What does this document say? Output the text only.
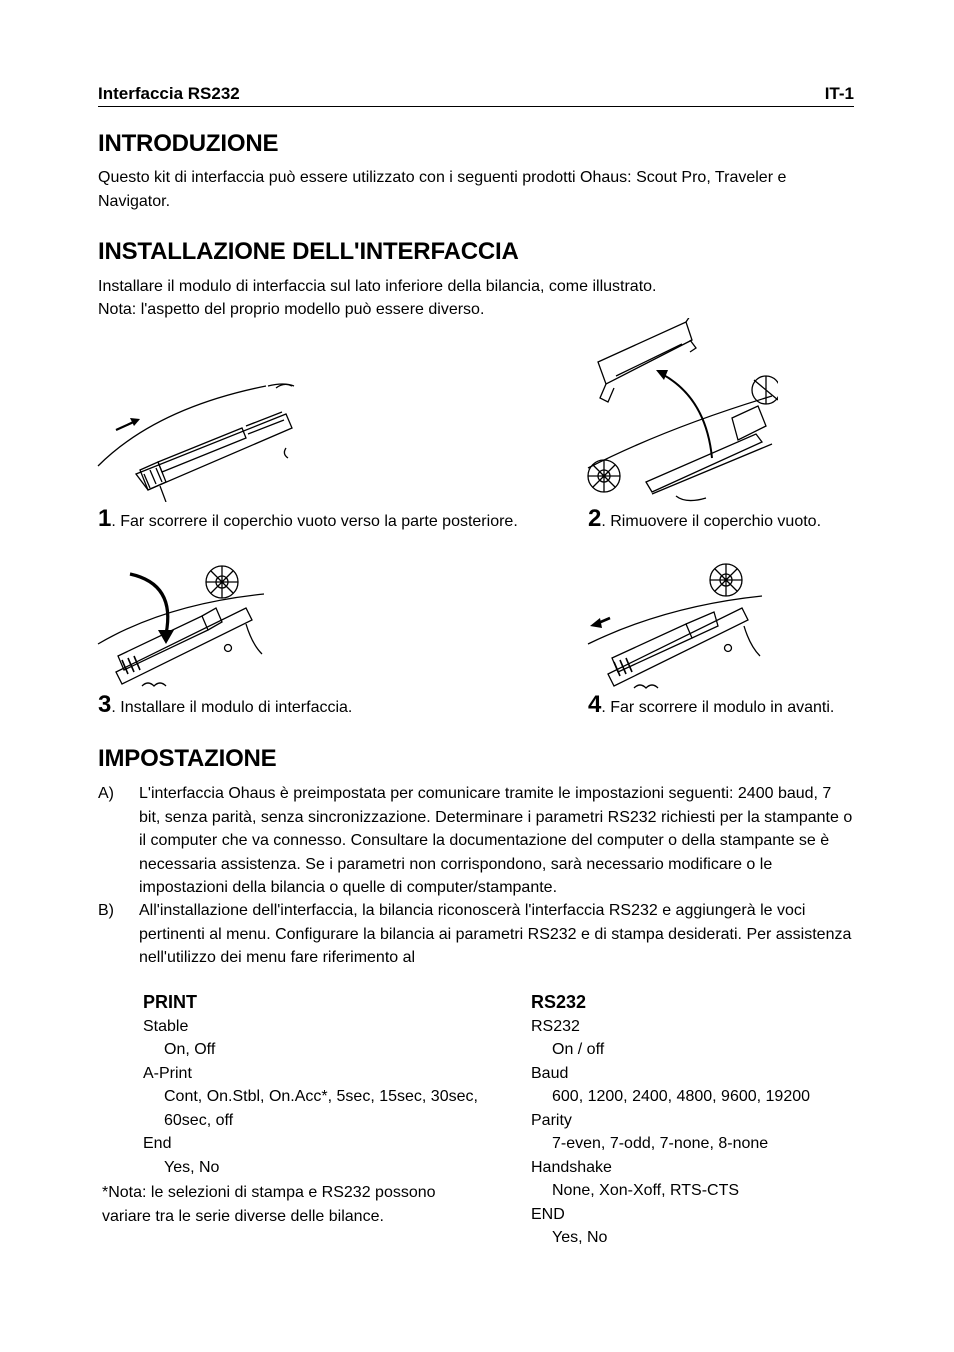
Interfaccia RS232	IT-1
INTRODUZIONE

Questo kit di interfaccia può essere utilizzato con i seguenti prodotti Ohaus: Scout Pro, Traveler e Navigator.

INSTALLAZIONE DELL'INTERFACCIA
Installare il modulo di interfaccia sul lato inferiore della bilancia, come illustrato.
Nota: l'aspetto del proprio modello può essere diverso.
1. Far scorrere il coperchio vuoto verso la parte posteriore.	2. Rimuovere il coperchio vuoto.
3. Installare il modulo di interfaccia.	4. Far scorrere il modulo in avanti.
IMPOSTAZIONE
A) L'interfaccia Ohaus è preimpostata per comunicare tramite le impostazioni seguenti: 2400 baud, 7 bit, senza parità, senza sincronizzazione. Determinare i parametri RS232 richiesti per la stampante o il computer che va connesso. Consultare la documentazione del computer o della stampante se è necessaria assistenza. Se i parametri non corrispondono, sarà necessario modificare o le impostazioni della bilancia o quelle di computer/stampante.
B) All'installazione dell'interfaccia, la bilancia riconoscerà l'interfaccia RS232 e aggiungerà le voci pertinenti al menu. Configurare la bilancia ai parametri RS232 e di stampa desiderati. Per assistenza nell'utilizzo dei menu fare riferimento al
PRINT
Stable
On, Off
A-Print
Cont, On.Stbl, On.Acc*, 5sec, 15sec, 30sec,
60sec, off
End
Yes, No
*Nota: le selezioni di stampa e RS232 possono
variare tra le serie diverse delle bilance.
RS232
RS232
On / off
Baud
600, 1200, 2400, 4800, 9600, 19200
Parity
7-even, 7-odd, 7-none, 8-none
Handshake
None, Xon-Xoff, RTS-CTS
END
Yes, No
